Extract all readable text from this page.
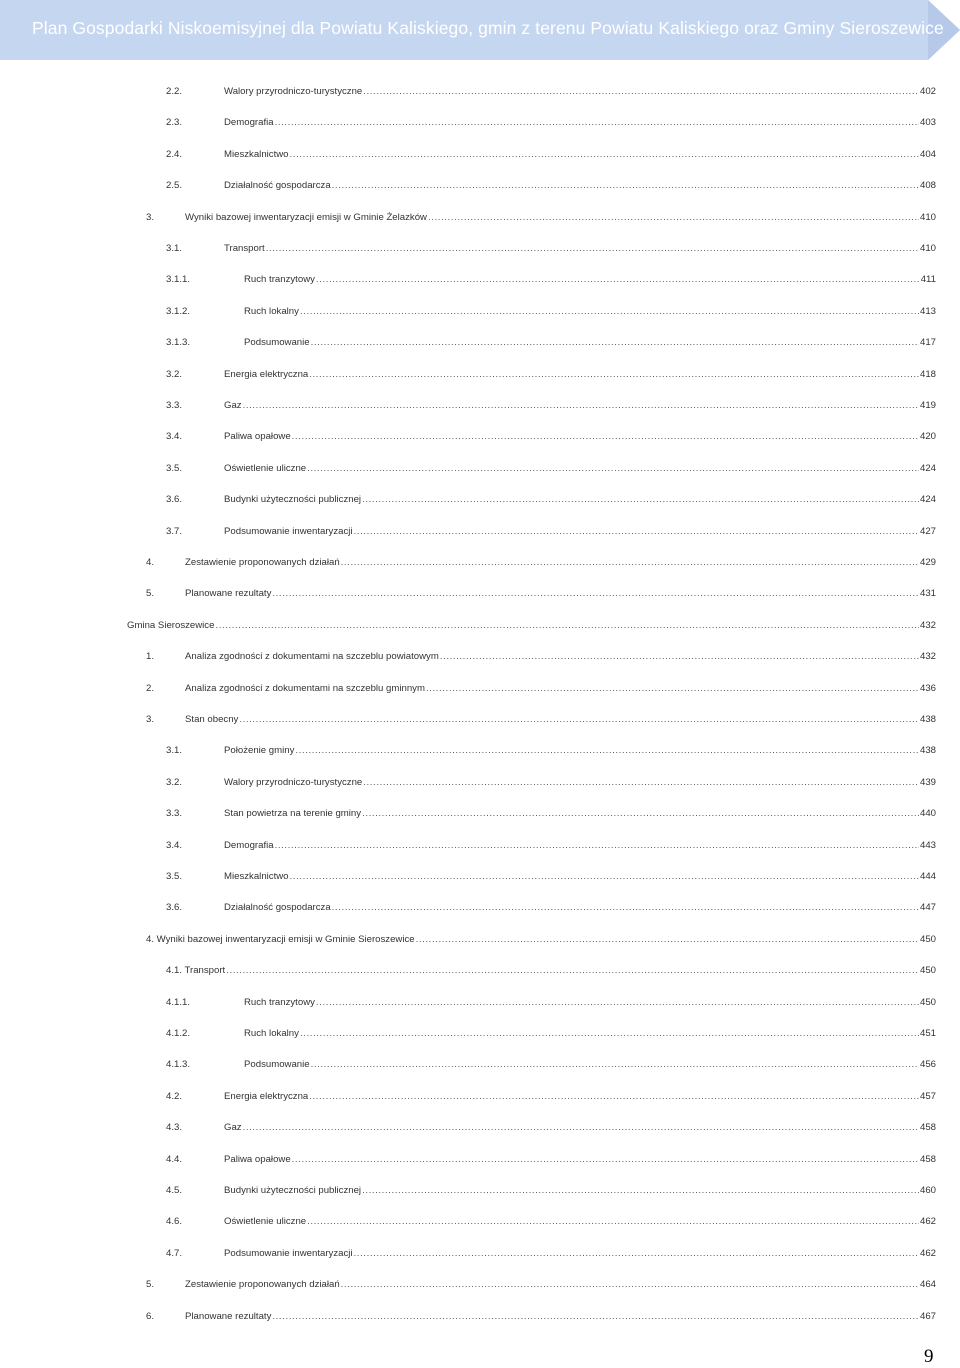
Plan Gospodarki Niskoemisyjnej dla Powiatu Kaliskiego, gmin z terenu Powiatu Kaliskiego oraz Gminy Sieroszewice
2.2.	Walory przyrodniczo-turystyczne .....	402
2.3.	Demografia .....	403
2.4.	Mieszkalnictwo .....	404
2.5.	Działalność gospodarcza .....	408
3.	Wyniki bazowej inwentaryzacji emisji w Gminie Żelazków .....	410
3.1.	Transport .....	410
3.1.1.	Ruch tranzytowy .....	411
3.1.2.	Ruch lokalny .....	413
3.1.3.	Podsumowanie .....	417
3.2.	Energia elektryczna .....	418
3.3.	Gaz .....	419
3.4.	Paliwa opałowe .....	420
3.5.	Oświetlenie uliczne .....	424
3.6.	Budynki użyteczności publicznej .....	424
3.7.	Podsumowanie inwentaryzacji .....	427
4.	Zestawienie proponowanych działań .....	429
5.	Planowane rezultaty .....	431
Gmina Sieroszewice .....	432
1.	Analiza zgodności z dokumentami na szczeblu powiatowym .....	432
2.	Analiza zgodności z dokumentami na szczeblu gminnym .....	436
3.	Stan obecny .....	438
3.1.	Położenie gminy .....	438
3.2.	Walory przyrodniczo-turystyczne .....	439
3.3.	Stan powietrza na terenie gminy .....	440
3.4.	Demografia .....	443
3.5.	Mieszkalnictwo .....	444
3.6.	Działalność gospodarcza .....	447
4. Wyniki bazowej inwentaryzacji emisji w Gminie Sieroszewice .....	450
4.1. Transport .....	450
4.1.1.	Ruch tranzytowy .....	450
4.1.2.	Ruch lokalny .....	451
4.1.3.	Podsumowanie .....	456
4.2.	Energia elektryczna .....	457
4.3.	Gaz .....	458
4.4.	Paliwa opałowe .....	458
4.5.	Budynki użyteczności publicznej .....	460
4.6.	Oświetlenie uliczne .....	462
4.7.	Podsumowanie inwentaryzacji .....	462
5.	Zestawienie proponowanych działań .....	464
6.	Planowane rezultaty .....	467
9
